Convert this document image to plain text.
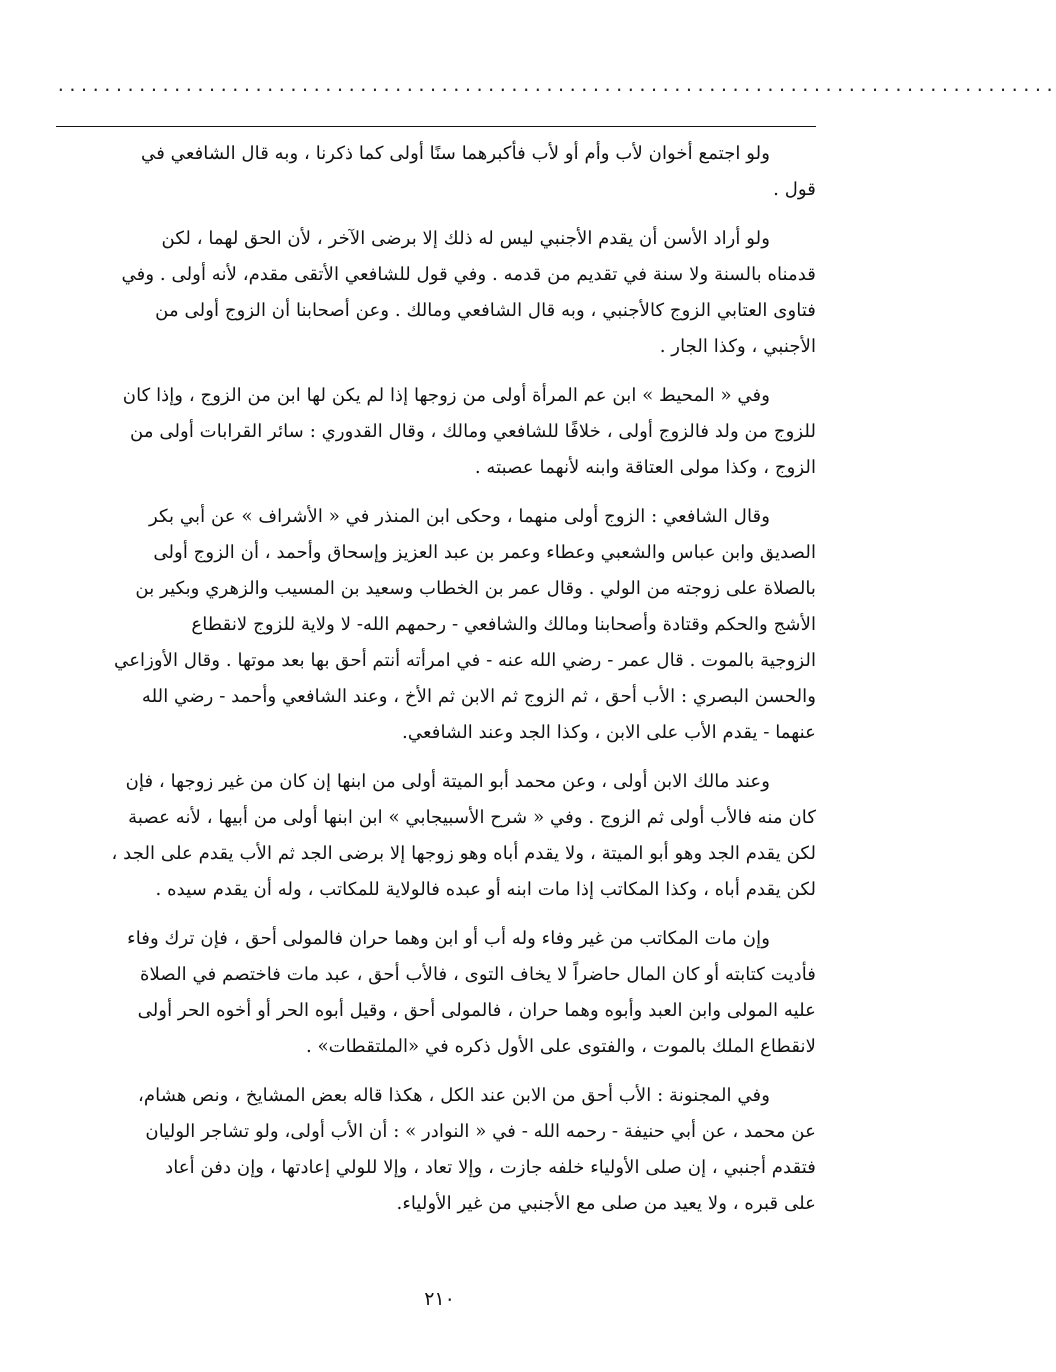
......................................................................................

ولو اجتمع أخوان لأب وأم أو لأب فأكبرهما سنًا أولى كما ذكرنا ، وبه قال الشافعي في
قول .

ولو أراد الأسن أن يقدم الأجنبي ليس له ذلك إلا برضى الآخر ، لأن الحق لهما ، لكن
قدمناه بالسنة ولا سنة في تقديم من قدمه . وفي قول للشافعي الأتقى مقدم، لأنه أولى . وفي
فتاوى العتابي الزوج كالأجنبي ، وبه قال الشافعي ومالك . وعن أصحابنا أن الزوج أولى من
الأجنبي ، وكذا الجار .

وفي « المحيط » ابن عم المرأة أولى من زوجها إذا لم يكن لها ابن من الزوج ، وإذا كان
للزوج من ولد فالزوج أولى ، خلافًا للشافعي ومالك ، وقال القدوري : سائر القرابات أولى من
الزوج ، وكذا مولى العتاقة وابنه لأنهما عصبته .

وقال الشافعي : الزوج أولى منهما ، وحكى ابن المنذر في « الأشراف » عن أبي بكر
الصديق وابن عباس والشعبي وعطاء وعمر بن عبد العزيز وإسحاق وأحمد ، أن الزوج أولى
بالصلاة على زوجته من الولي . وقال عمر بن الخطاب وسعيد بن المسيب والزهري وبكير بن
الأشج والحكم وقتادة وأصحابنا ومالك والشافعي - رحمهم الله- لا ولاية للزوج لانقطاع
الزوجية بالموت . قال عمر - رضي الله عنه - في امرأته أنتم أحق بها بعد موتها . وقال الأوزاعي
والحسن البصري : الأب أحق ، ثم الزوج ثم الابن ثم الأخ ، وعند الشافعي وأحمد - رضي الله
عنهما - يقدم الأب على الابن ، وكذا الجد وعند الشافعي.

وعند مالك الابن أولى ، وعن محمد أبو الميتة أولى من ابنها إن كان من غير زوجها ، فإن
كان منه فالأب أولى ثم الزوج . وفي « شرح الأسبيجابي » ابن ابنها أولى من أبيها ، لأنه عصبة
لكن يقدم الجد وهو أبو الميتة ، ولا يقدم أباه وهو زوجها إلا برضى الجد ثم الأب يقدم على الجد ،
لكن يقدم أباه ، وكذا المكاتب إذا مات ابنه أو عبده فالولاية للمكاتب ، وله أن يقدم سيده .

وإن مات المكاتب من غير وفاء وله أب أو ابن وهما حران فالمولى أحق ، فإن ترك وفاء
فأديت كتابته أو كان المال حاضراً لا يخاف التوى ، فالأب أحق ، عبد مات فاختصم في الصلاة
عليه المولى وابن العبد وأبوه وهما حران ، فالمولى أحق ، وقيل أبوه الحر أو أخوه الحر أولى
لانقطاع الملك بالموت ، والفتوى على الأول ذكره في «الملتقطات» .

وفي المجنونة : الأب أحق من الابن عند الكل ، هكذا قاله بعض المشايخ ، ونص هشام،
عن محمد ، عن أبي حنيفة - رحمه الله - في « النوادر » : أن الأب أولى، ولو تشاجر الوليان
فتقدم أجنبي ، إن صلى الأولياء خلفه جازت ، وإلا تعاد ، وإلا للولي إعادتها ، وإن دفن أعاد
على قبره ، ولا يعيد من صلى مع الأجنبي من غير الأولياء.

٢١٠
